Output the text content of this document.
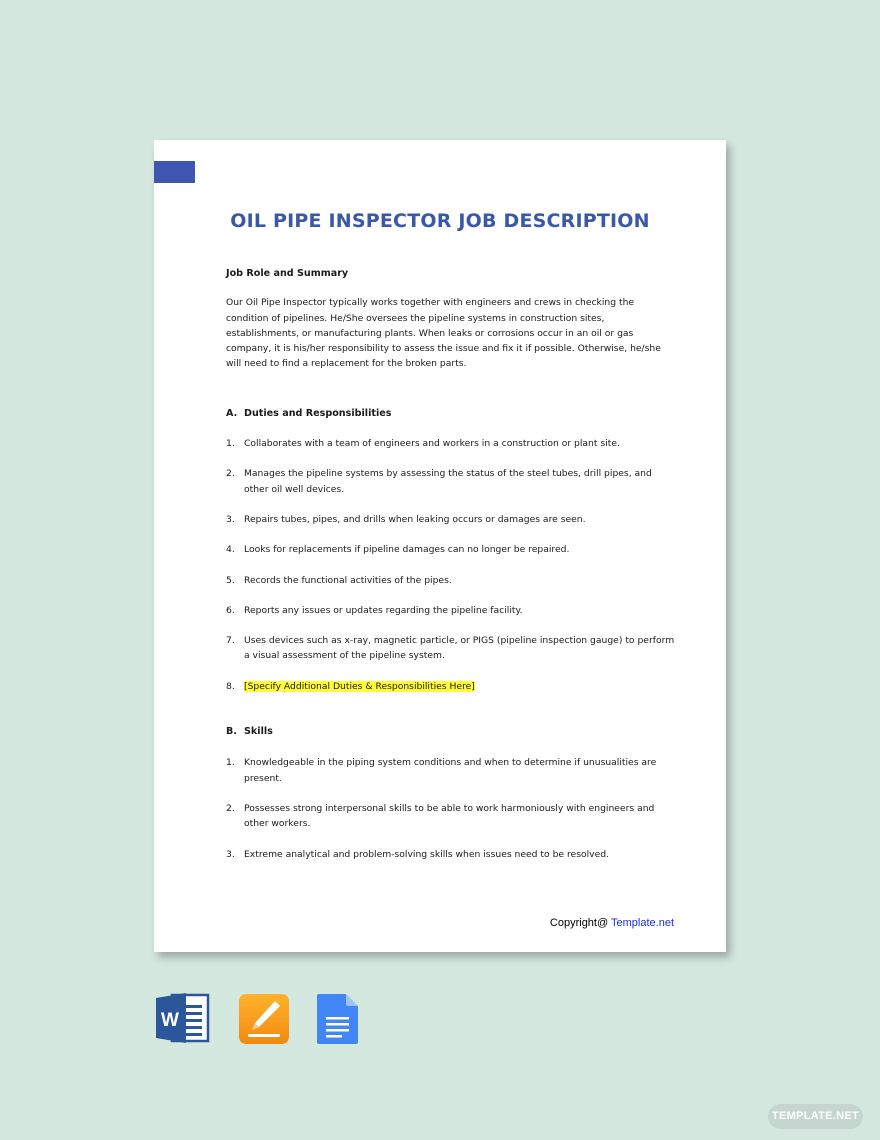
OIL PIPE INSPECTOR JOB DESCRIPTION

Job Role and Summary

Our Oil Pipe Inspector typically works together with engineers and crews in checking the condition of pipelines. He/She oversees the pipeline systems in construction sites, establishments, or manufacturing plants. When leaks or corrosions occur in an oil or gas company, it is his/her responsibility to assess the issue and fix it if possible. Otherwise, he/she will need to find a replacement for the broken parts.

A. Duties and Responsibilities

1.	Collaborates with a team of engineers and workers in a construction or plant site.
2.	Manages the pipeline systems by assessing the status of the steel tubes, drill pipes, and other oil well devices.
3.	Repairs tubes, pipes, and drills when leaking occurs or damages are seen.
4.	Looks for replacements if pipeline damages can no longer be repaired.
5.	Records the functional activities of the pipes.
6.	Reports any issues or updates regarding the pipeline facility.
7.	Uses devices such as x-ray, magnetic particle, or PIGS (pipeline inspection gauge) to perform a visual assessment of the pipeline system.
8.	[Specify Additional Duties & Responsibilities Here]

B. Skills

1.	Knowledgeable in the piping system conditions and when to determine if unusualities are present.
2.	Possesses strong interpersonal skills to be able to work harmoniously with engineers and other workers.
3.	Extreme analytical and problem-solving skills when issues need to be resolved.
Copyright@ Template.net
W
TEMPLATE.NET
